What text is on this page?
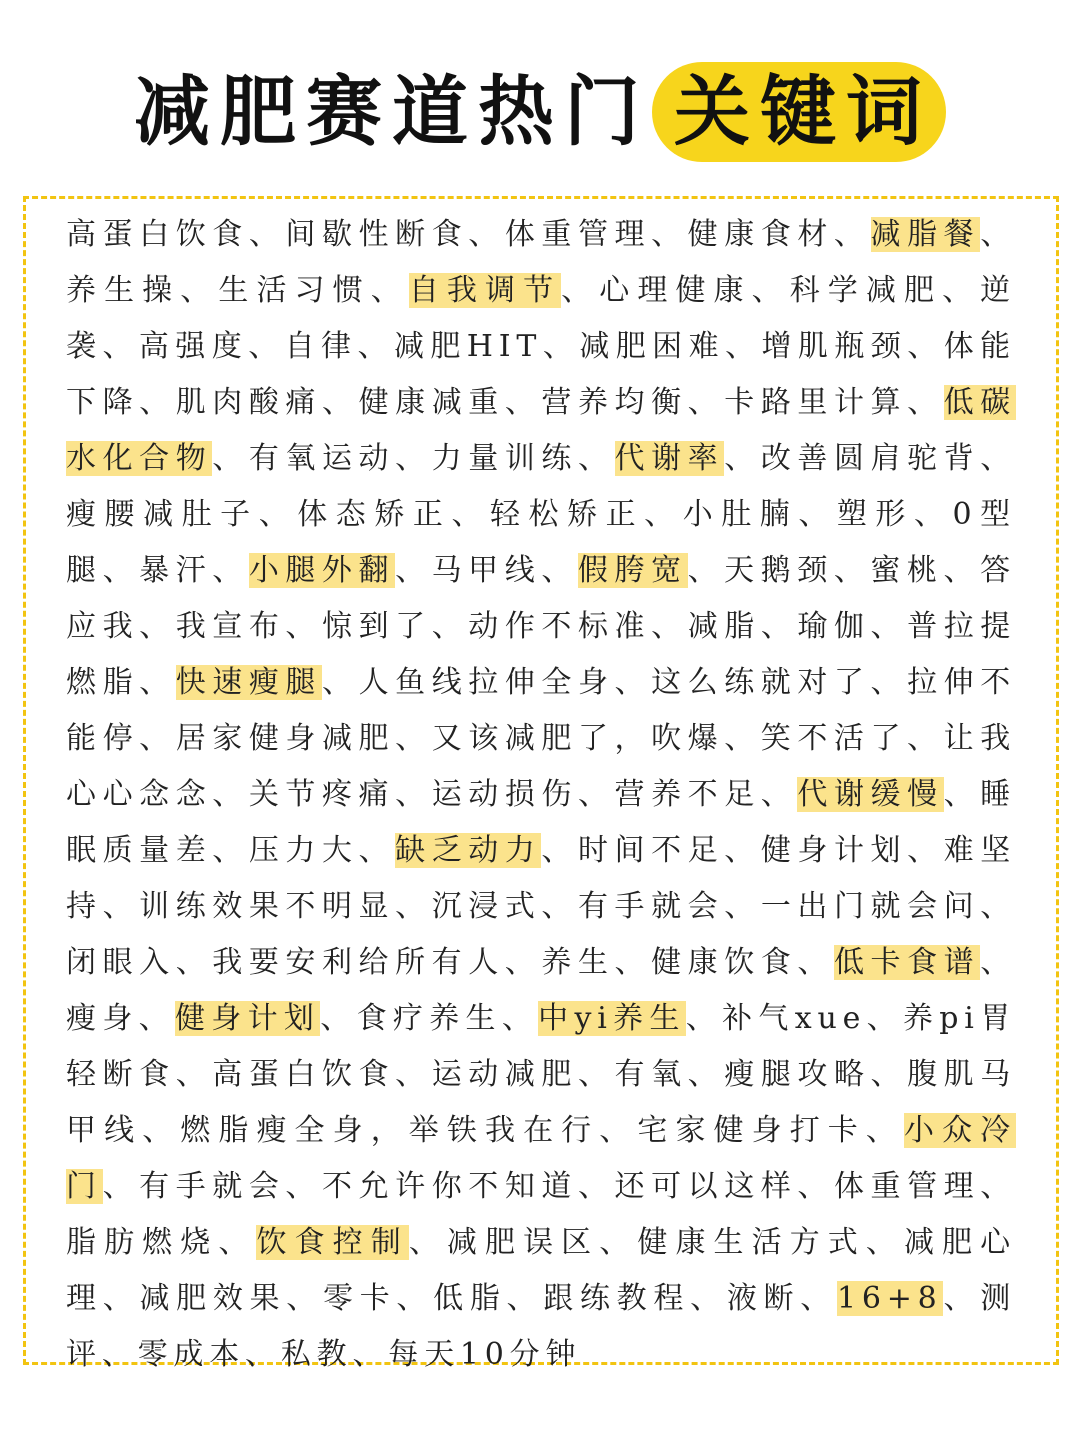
减肥赛道热门 关键词
高蛋白饮食、间歇性断食、体重管理、健康食材、减脂餐、养生操、生活习惯、自我调节、心理健康、科学减肥、逆袭、高强度、自律、减肥HIT、减肥困难、增肌瓶颈、体能下降、肌肉酸痛、健康减重、营养均衡、卡路里计算、低碳水化合物、有氧运动、力量训练、代谢率、改善圆肩驼背、瘦腰减肚子、体态矫正、轻松矫正、小肚腩、塑形、0型腿、暴汗、小腿外翻、马甲线、假胯宽、天鹅颈、蜜桃、答应我、我宣布、惊到了、动作不标准、减脂、瑜伽、普拉提燃脂、快速瘦腿、人鱼线拉伸全身、这么练就对了、拉伸不能停、居家健身减肥、又该减肥了，吹爆、笑不活了、让我心心念念、关节疼痛、运动损伤、营养不足、代谢缓慢、睡眠质量差、压力大、缺乏动力、时间不足、健身计划、难坚持、训练效果不明显、沉浸式、有手就会、一出门就会问、闭眼入、我要安利给所有人、养生、健康饮食、低卡食谱、瘦身、健身计划、食疗养生、中yi养生、补气xue、养pi胃轻断食、高蛋白饮食、运动减肥、有氧、瘦腿攻略、腹肌马甲线、燃脂瘦全身，举铁我在行、宅家健身打卡、小众冷门、有手就会、不允许你不知道、还可以这样、体重管理、脂肪燃烧、饮食控制、减肥误区、健康生活方式、减肥心理、减肥效果、零卡、低脂、跟练教程、液断、16+8、测评、零成本、私教、每天10分钟
